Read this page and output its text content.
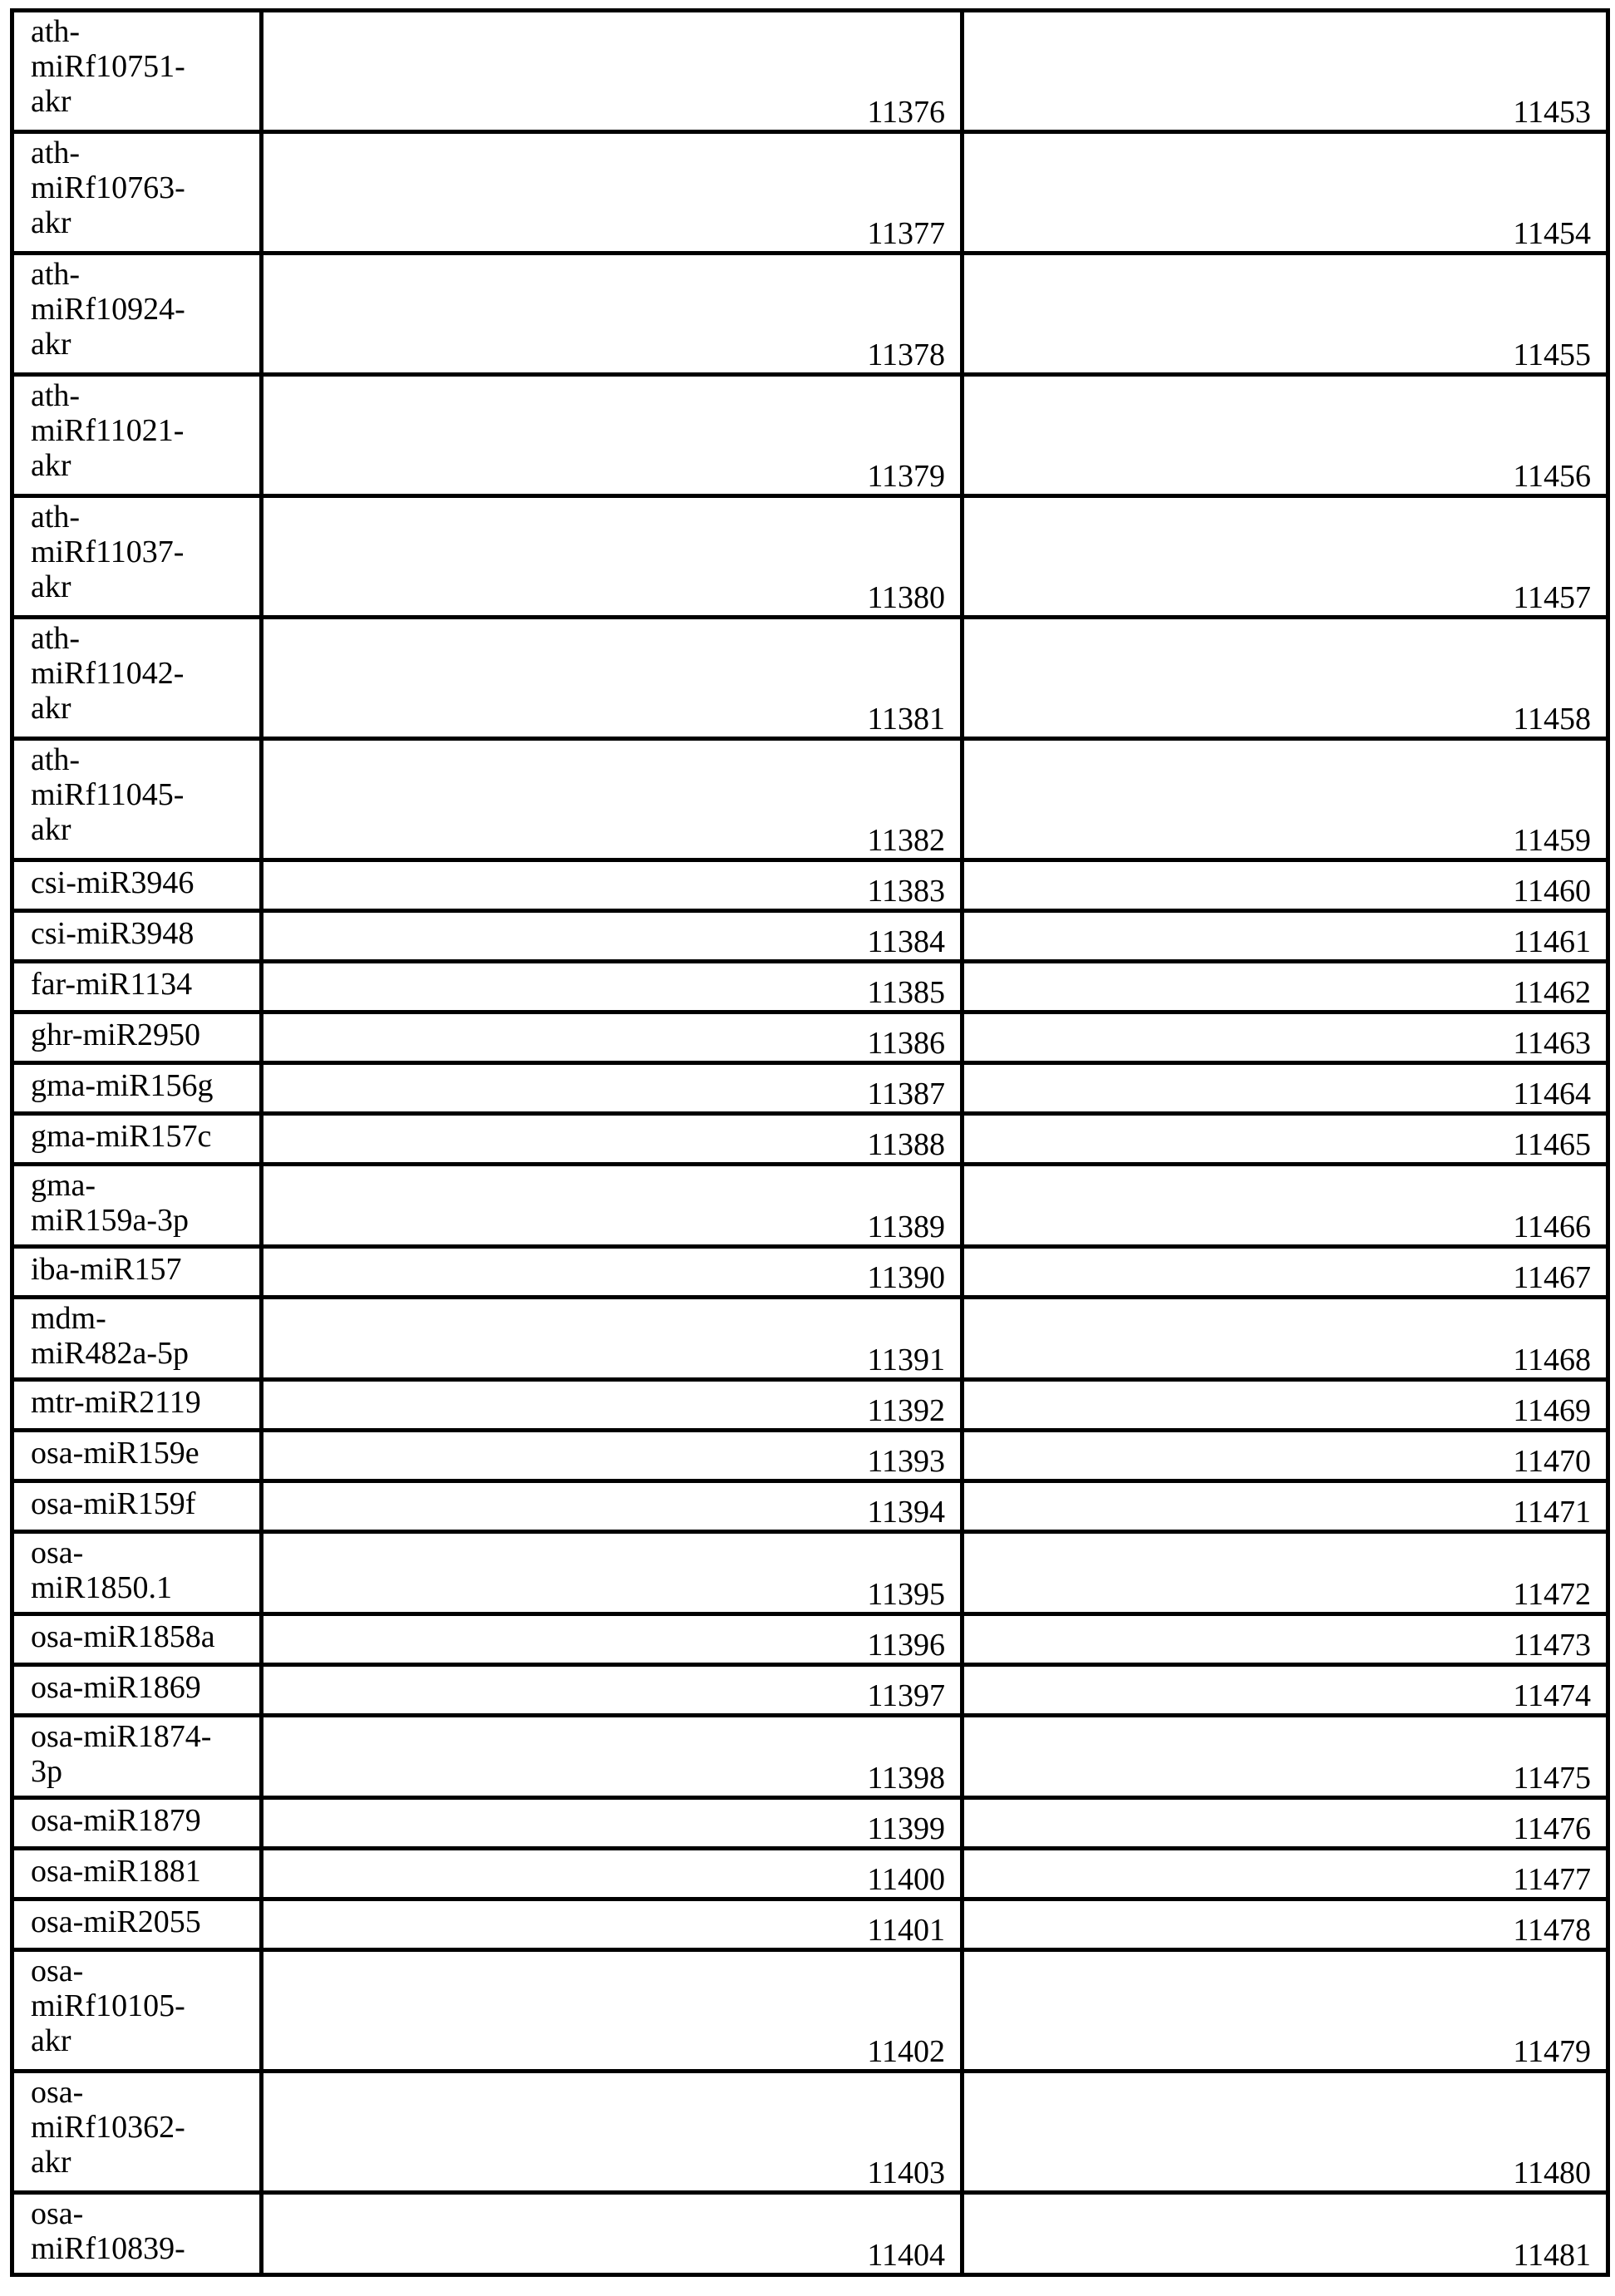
ath-
miRf10751-
akr	11376	11453

ath-
miRf10763-
akr	11377	11454

ath-
miRf10924-
akr	11378	11455

ath-
miRf11021-
akr	11379	11456

ath-
miRf11037-
akr	11380	11457

ath-
miRf11042-
akr	11381	11458

ath-
miRf11045-
akr	11382	11459

csi-miR3946	11383	11460

csi-miR3948	11384	11461

far-miR1134	11385	11462

ghr-miR2950	11386	11463

gma-miR156g	11387	11464

gma-miR157c	11388	11465

gma-
miR159a-3p	11389	11466

iba-miR157	11390	11467

mdm-
miR482a-5p	11391	11468

mtr-miR2119	11392	11469

osa-miR159e	11393	11470

osa-miR159f	11394	11471

osa-
miR1850.1	11395	11472

osa-miR1858a	11396	11473

osa-miR1869	11397	11474

osa-miR1874-
3p	11398	11475

osa-miR1879	11399	11476

osa-miR1881	11400	11477

osa-miR2055	11401	11478

osa-
miRf10105-
akr	11402	11479

osa-
miRf10362-
akr	11403	11480

osa-
miRf10839-	11404	11481
